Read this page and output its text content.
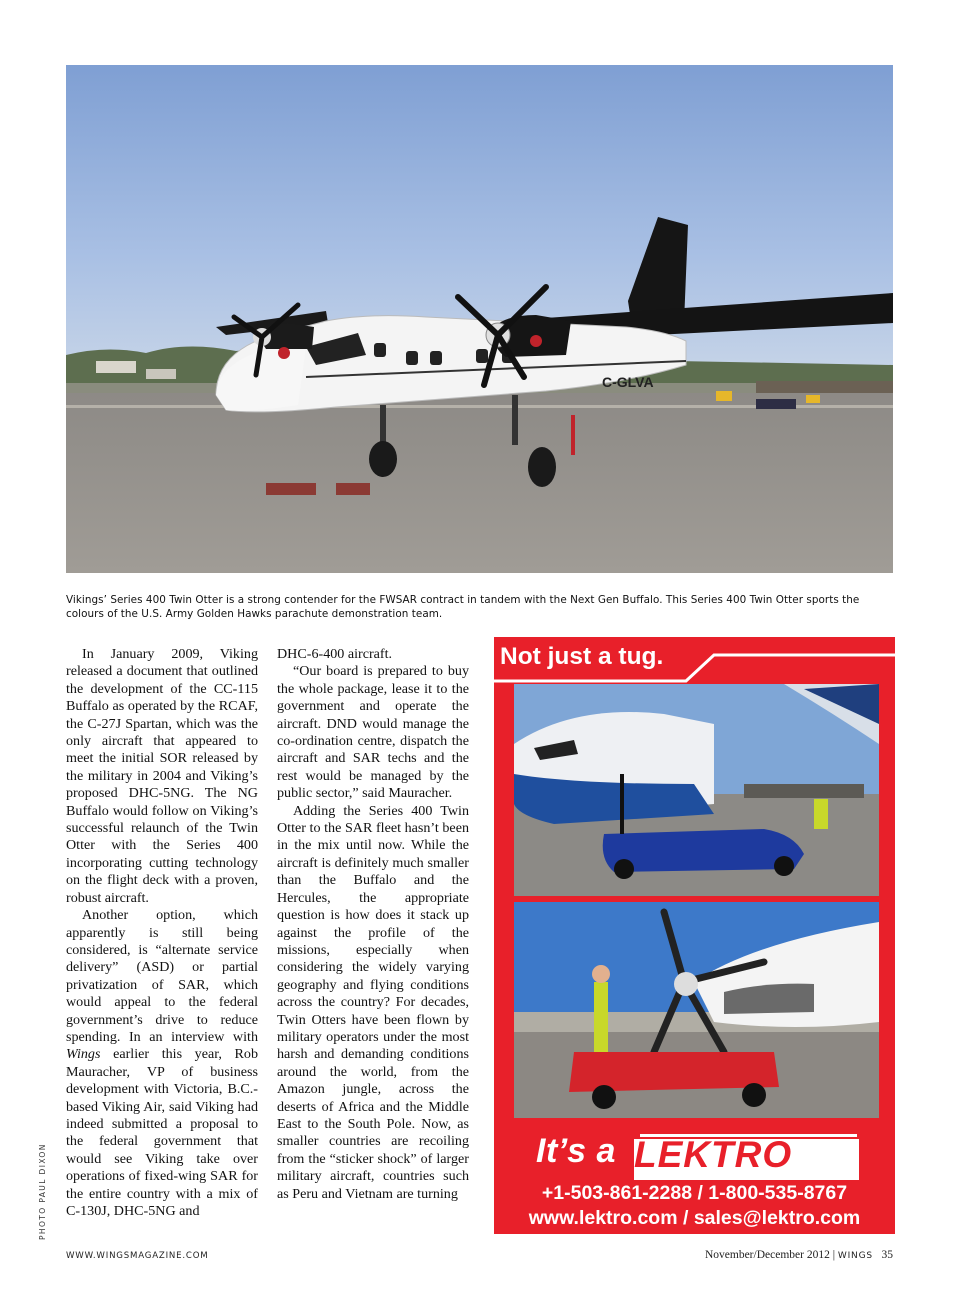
C-GLVA
Vikings’ Series 400 Twin Otter is a strong contender for the FWSAR contract in tandem with the Next Gen Buffalo. This Series 400 Twin Otter sports the colours of the U.S. Army Golden Hawks parachute demonstration team.

In January 2009, Viking released a document that outlined the development of the CC-115 Buffalo as operated by the RCAF, the C-27J Spartan, which was the only aircraft that appeared to meet the initial SOR released by the military in 2004 and Viking’s proposed DHC-5NG. The NG Buffalo would follow on Viking’s successful relaunch of the Twin Otter with the Series 400 incorporating cutting technology on the flight deck with a proven, robust aircraft.

Another option, which apparently is still being considered, is “alternate service delivery” (ASD) or partial privatization of SAR, which would appeal to the federal government’s drive to reduce spending. In an interview with Wings earlier this year, Rob Mauracher, VP of business development with Victoria, B.C.-based Viking Air, said Viking had indeed submitted a proposal to the federal government that would see Viking take over operations of fixed-wing SAR for the entire country with a mix of C-130J, DHC-5NG and

DHC-6-400 aircraft.

“Our board is prepared to buy the whole package, lease it to the government and operate the aircraft. DND would manage the co-ordination centre, dispatch the aircraft and SAR techs and the rest would be managed by the public sector,” said Mauracher.

Adding the Series 400 Twin Otter to the SAR fleet hasn’t been in the mix until now. While the aircraft is definitely much smaller than the Buffalo and the Hercules, the appropriate question is how does it stack up against the profile of the missions, especially when considering the widely varying geography and flying conditions across the country? For decades, Twin Otters have been flown by military operators under the most harsh and demanding conditions around the world, from the Amazon jungle, across the deserts of Africa and the Middle East to the South Pole. Now, as smaller countries are recoiling from the “sticker shock” of larger military aircraft, countries such as Peru and Vietnam are turning

PHOTO PAUL DIXON
Not just a tug.
It’s a LEKTRO
+1-503-861-2288 / 1-800-535-8767
www.lektro.com / sales@lektro.com
WWW.WINGSMAGAZINE.COM	November/December 2012 | WINGS 35
